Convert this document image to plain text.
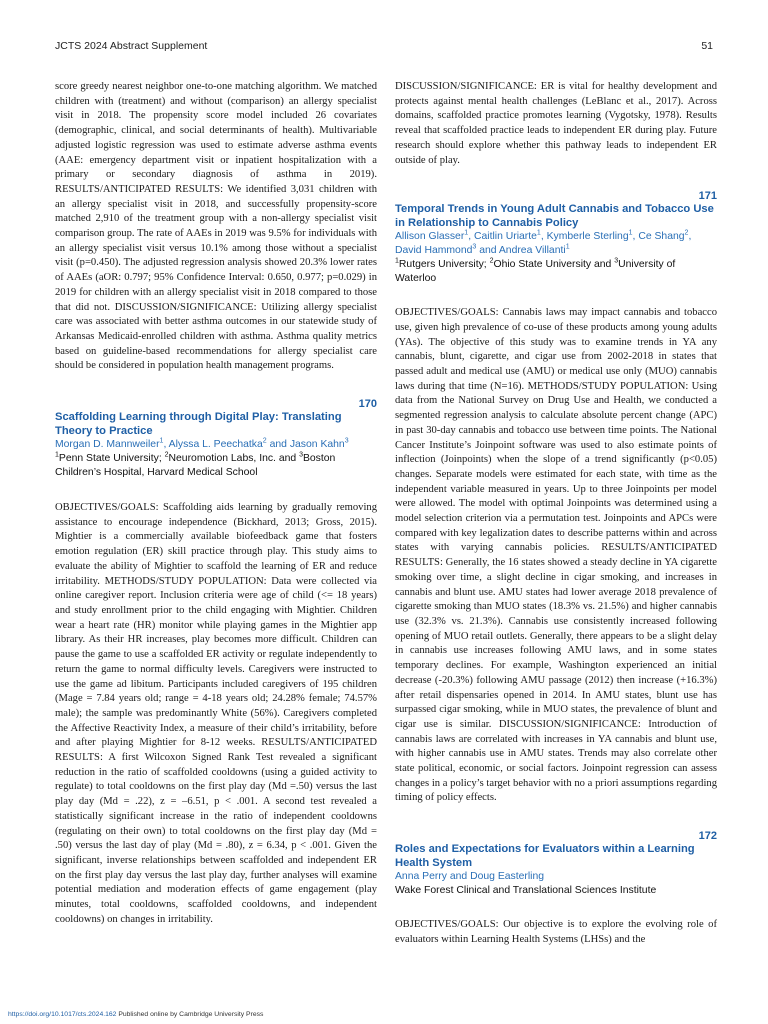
JCTS 2024 Abstract Supplement	51

score greedy nearest neighbor one-to-one matching algorithm. We matched children with (treatment) and without (comparison) an allergy specialist visit in 2018. The propensity score model included 26 covariates (demographic, clinical, and social determinants of health). Multivariable adjusted logistic regression was used to estimate adverse asthma events (AAE: emergency department visit or inpatient hospitalization with a primary or secondary diagnosis of asthma in 2019). RESULTS/ANTICIPATED RESULTS: We identified 3,031 children with an allergy specialist visit in 2018, and successfully propensity-score matched 2,910 of the treatment group with a non-allergy specialist visit comparison group. The rate of AAEs in 2019 was 9.5% for individuals with an allergy specialist visit versus 10.1% among those without a specialist visit (p=0.450). The adjusted regression analysis showed 20.3% lower rates of AAEs (aOR: 0.797; 95% Confidence Interval: 0.650, 0.977; p=0.029) in 2019 for children with an allergy specialist visit in 2018 compared to those that did not. DISCUSSION/SIGNIFICANCE: Utilizing allergy specialist care was associated with better asthma outcomes in our statewide study of Arkansas Medicaid-enrolled children with asthma. Asthma quality metrics based on guideline-based recommendations for allergy specialist care should be considered in population health management programs.

170

Scaffolding Learning through Digital Play: Translating Theory to Practice

Morgan D. Mannweiler$^1$, Alyssa L. Peechatka$^2$ and Jason Kahn$^3$

$^1$Penn State University; $^2$Neuromotion Labs, Inc. and $^3$Boston Children’s Hospital, Harvard Medical School

OBJECTIVES/GOALS: Scaffolding aids learning by gradually removing assistance to encourage independence (Bickhard, 2013; Gross, 2015). Mightier is a commercially available biofeedback game that fosters emotion regulation (ER) skill practice through play. This study aims to evaluate the ability of Mightier to scaffold the learning of ER and reduce irritability. METHODS/STUDY POPULATION: Data were collected via online caregiver report. Inclusion criteria were age of child (<= 18 years) and study enrollment prior to the child engaging with Mightier. Children wear a heart rate (HR) monitor while playing games in the Mightier app library. As their HR increases, play becomes more difficult. Children can pause the game to use a scaffolded ER activity or regulate independently to return the game to normal difficulty levels. Caregivers were instructed to use the game ad libitum. Participants included caregivers of 195 children (Mage = 7.84 years old; range = 4-18 years old; 24.28% female; 74.57% male); the sample was predominantly White (56%). Caregivers completed the Affective Reactivity Index, a measure of their child’s irritability, before and after playing Mightier for 8-12 weeks. RESULTS/ANTICIPATED RESULTS: A first Wilcoxon Signed Rank Test revealed a significant reduction in the ratio of scaffolded cooldowns (using a guided activity to regulate) to total cooldowns on the first play day (Md =.50) versus the last play day (Md = .22), z = –6.51, p < .001. A second test revealed a statistically significant increase in the ratio of independent cooldowns (regulating on their own) to total cooldowns on the first play day (Md = .50) versus the last day of play (Md = .80), z = 6.34, p < .001. Given the significant, inverse relationships between scaffolded and independent ER on the first play day versus the last play day, further analyses will examine potential mediation and moderation effects of game engagement (play minutes, total cooldowns, scaffolded cooldowns, and independent cooldowns) on changes in irritability.

DISCUSSION/SIGNIFICANCE: ER is vital for healthy development and protects against mental health challenges (LeBlanc et al., 2017). Across domains, scaffolded practice promotes learning (Vygotsky, 1978). Results reveal that scaffolded practice leads to independent ER during play. Future research should explore whether this pathway leads to independent ER outside of play.

171

Temporal Trends in Young Adult Cannabis and Tobacco Use in Relationship to Cannabis Policy

Allison Glasser$^1$, Caitlin Uriarte$^1$, Kymberle Sterling$^1$, Ce Shang$^2$, David Hammond$^3$ and Andrea Villanti$^1$

$^1$Rutgers University; $^2$Ohio State University and $^3$University of Waterloo

OBJECTIVES/GOALS: Cannabis laws may impact cannabis and tobacco use, given high prevalence of co-use of these products among young adults (YAs). The objective of this study was to examine trends in YA any cannabis, blunt, cigarette, and cigar use from 2002-2018 in states that passed adult and medical use (AMU) or medical use only (MUO) cannabis laws during that time (N=16). METHODS/STUDY POPULATION: Using data from the National Survey on Drug Use and Health, we conducted a segmented regression analysis to calculate absolute percent change (APC) in past 30-day cannabis and tobacco use between time points. The National Cancer Institute’s Joinpoint software was used to also estimate points of inflection (Joinpoints) when the slope of a trend significantly (p<0.05) changes. Separate models were estimated for each state, with time as the independent variable measured in years. Up to three Joinpoints per model were allowed. The model with optimal Joinpoints was determined using a model selection criterion via a permutation test. Joinpoints and APCs were compared with key legalization dates to describe patterns within and across states with varying cannabis policies. RESULTS/ANTICIPATED RESULTS: Generally, the 16 states showed a steady decline in YA cigarette smoking over time, a slight decline in cigar smoking, and increases in cannabis and blunt use. AMU states had lower average 2018 prevalence of cigarette smoking than MUO states (18.3% vs. 21.5%) and higher cannabis use (32.3% vs. 21.3%). Cannabis use consistently increased following opening of MUO retail outlets. Generally, there appears to be a slight delay in cannabis use increases following AMU laws, and in some states temporary declines. For example, Washington experienced an initial decrease (-20.3%) following AMU passage (2012) then increase (+16.3%) after retail dispensaries opened in 2014. In AMU states, blunt use has surpassed cigar smoking, while in MUO states, the prevalence of blunt and cigar use is similar. DISCUSSION/SIGNIFICANCE: Introduction of cannabis laws are correlated with increases in YA cannabis and blunt use, with higher cannabis use in AMU states. Trends may also correlate other state political, economic, or social factors. Joinpoint regression can assess changes in a policy’s target behavior with no a priori assumptions regarding timing of policy effects.

172

Roles and Expectations for Evaluators within a Learning Health System

Anna Perry and Doug Easterling

Wake Forest Clinical and Translational Sciences Institute

OBJECTIVES/GOALS: Our objective is to explore the evolving role of evaluators within Learning Health Systems (LHSs) and the

https://doi.org/10.1017/cts.2024.162 Published online by Cambridge University Press
